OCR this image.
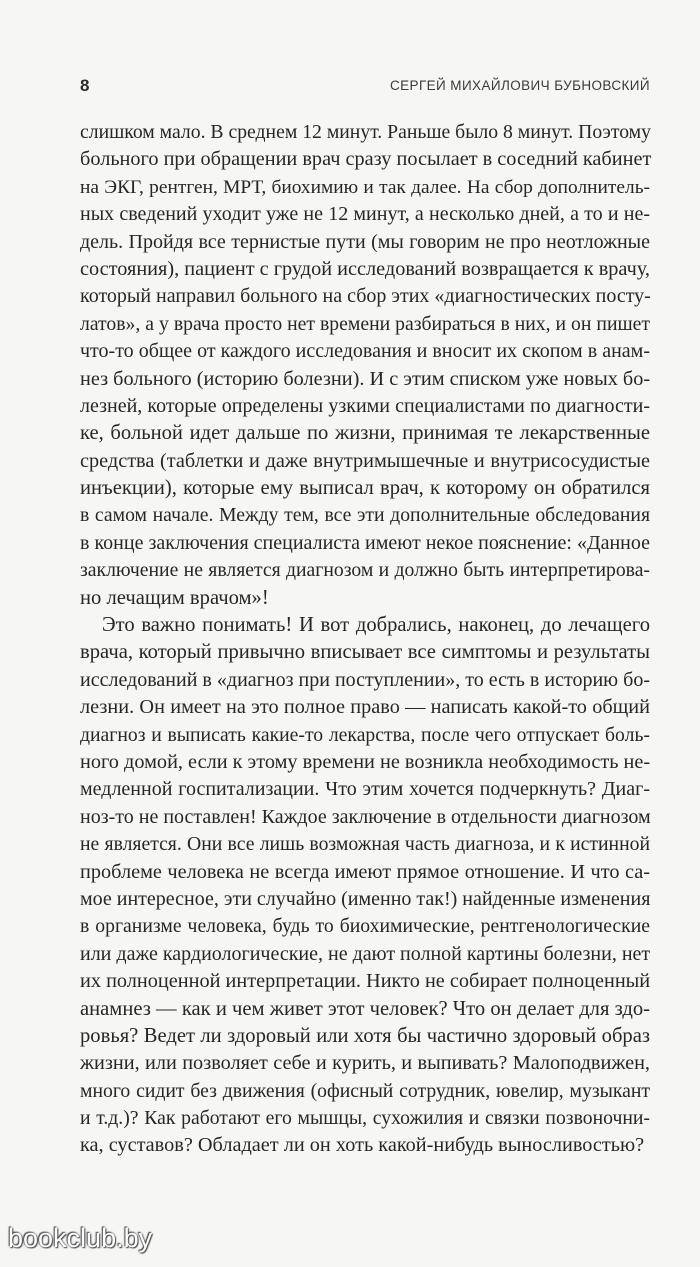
8	СЕРГЕЙ МИХАЙЛОВИЧ БУБНОВСКИЙ
слишком мало. В среднем 12 минут. Раньше было 8 минут. Поэтому
больного при обращении врач сразу посылает в соседний кабинет
на ЭКГ, рентген, МРТ, биохимию и так далее. На сбор дополнитель-
ных сведений уходит уже не 12 минут, а несколько дней, а то и не-
дель. Пройдя все тернистые пути (мы говорим не про неотложные
состояния), пациент с грудой исследований возвращается к врачу,
который направил больного на сбор этих «диагностических посту-
латов», а у врача просто нет времени разбираться в них, и он пишет
что-то общее от каждого исследования и вносит их скопом в анам-
нез больного (историю болезни). И с этим списком уже новых бо-
лезней, которые определены узкими специалистами по диагности-
ке, больной идет дальше по жизни, принимая те лекарственные
средства (таблетки и даже внутримышечные и внутрисосудистые
инъекции), которые ему выписал врач, к которому он обратился
в самом начале. Между тем, все эти дополнительные обследования
в конце заключения специалиста имеют некое пояснение: «Данное
заключение не является диагнозом и должно быть интерпретирова-
но лечащим врачом»!
Это важно понимать! И вот добрались, наконец, до лечащего
врача, который привычно вписывает все симптомы и результаты
исследований в «диагноз при поступлении», то есть в историю бо-
лезни. Он имеет на это полное право — написать какой-то общий
диагноз и выписать какие-то лекарства, после чего отпускает боль-
ного домой, если к этому времени не возникла необходимость не-
медленной госпитализации. Что этим хочется подчеркнуть? Диаг-
ноз-то не поставлен! Каждое заключение в отдельности диагнозом
не является. Они все лишь возможная часть диагноза, и к истинной
проблеме человека не всегда имеют прямое отношение. И что са-
мое интересное, эти случайно (именно так!) найденные изменения
в организме человека, будь то биохимические, рентгенологические
или даже кардиологические, не дают полной картины болезни, нет
их полноценной интерпретации. Никто не собирает полноценный
анамнез — как и чем живет этот человек? Что он делает для здо-
ровья? Ведет ли здоровый или хотя бы частично здоровый образ
жизни, или позволяет себе и курить, и выпивать? Малоподвижен,
много сидит без движения (офисный сотрудник, ювелир, музыкант
и т.д.)? Как работают его мышцы, сухожилия и связки позвоночни-
ка, суставов? Обладает ли он хоть какой-нибудь выносливостью?
bookclub.by
